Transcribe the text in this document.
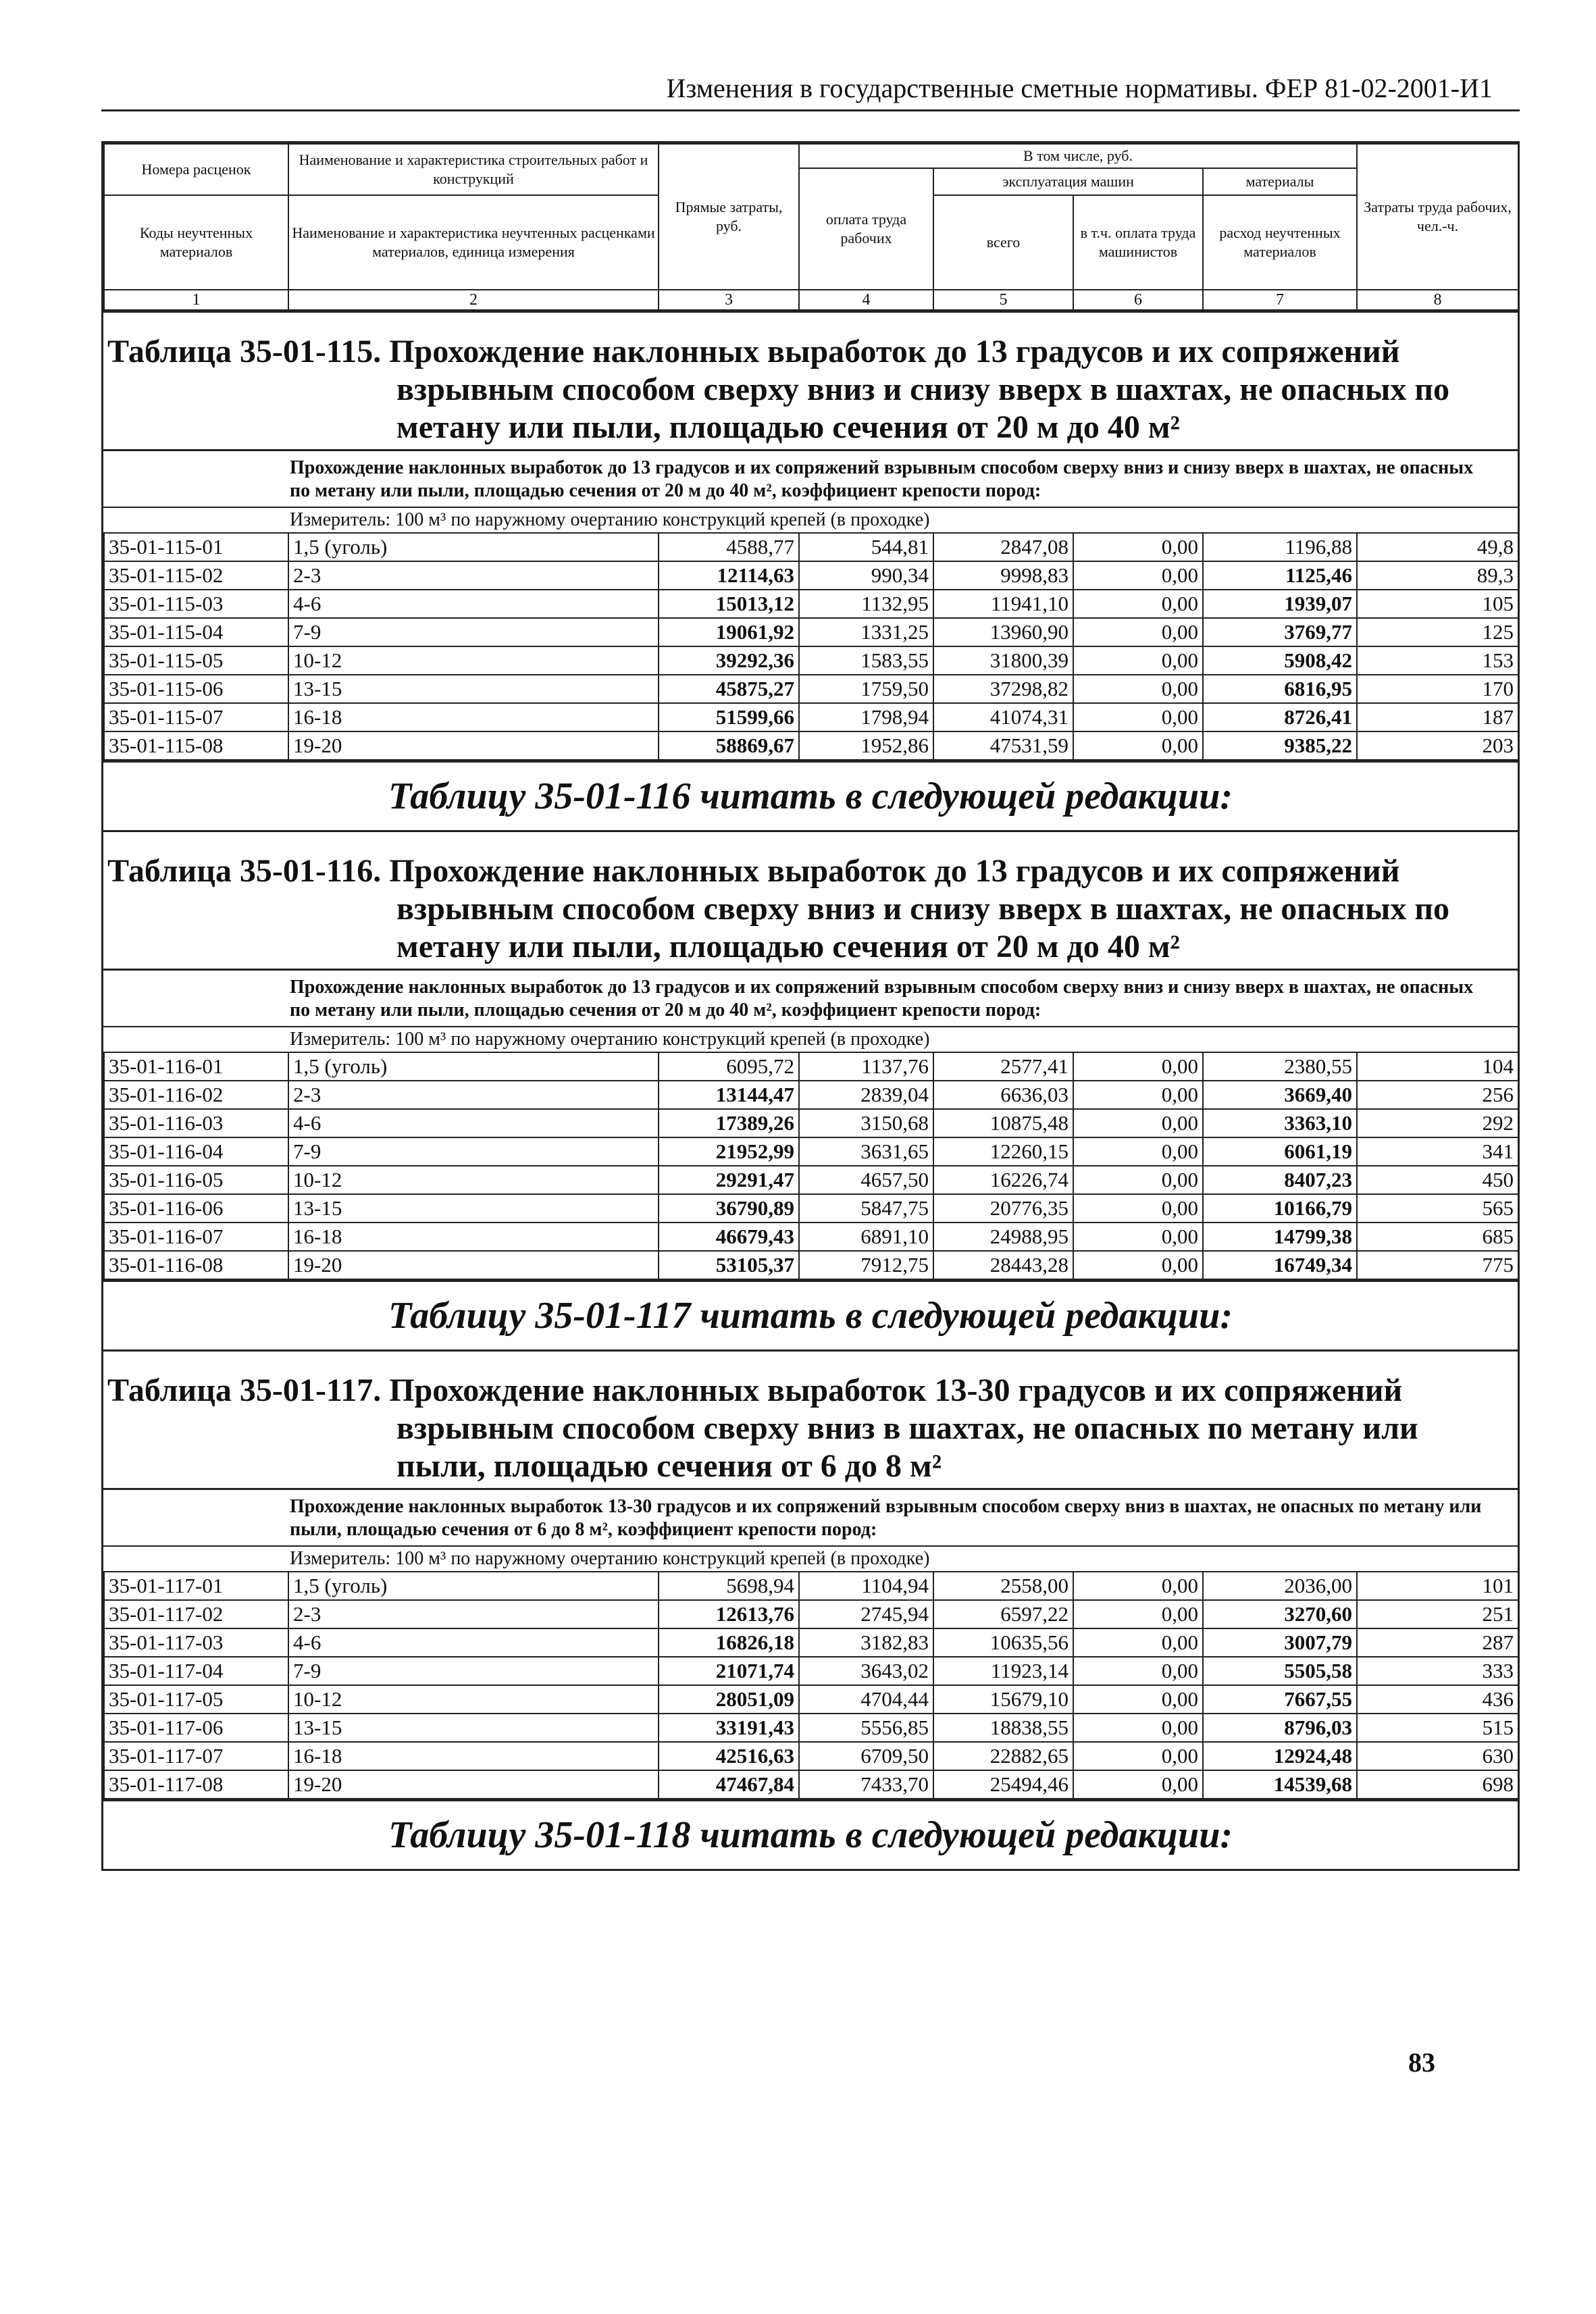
Изменения в государственные сметные нормативы. ФЕР 81-02-2001-И1
Номера расценок	Наименование и характеристика строительных работ и конструкций	Прямые затраты, руб.	В том числе, руб.				Затраты труда рабочих, чел.-ч.
			оплата труда рабочих	эксплуатация машин		материалы	
Коды неучтенных материалов	Наименование и характеристика неучтенных расценками материалов, единица измерения			всего	в т.ч. оплата труда машинистов	расход неучтенных материалов	

1	2	3	4	5	6	7	8
Таблица 35-01-115. Прохождение наклонных выработок до 13 градусов и их сопряжений
взрывным способом сверху вниз и снизу вверх в шахтах, не опасных по
метану или пыли, площадью сечения от 20 м до 40 м²
Прохождение наклонных выработок до 13 градусов и их сопряжений взрывным способом сверху вниз и снизу вверх в шахтах, не опасных по метану или пыли, площадью сечения от 20 м до 40 м², коэффициент крепости пород:
Измеритель: 100 м³ по наружному очертанию конструкций крепей (в проходке)
35-01-115-01	1,5 (уголь)	4588,77	544,81	2847,08	0,00	1196,88	49,8
35-01-115-02	2-3	12114,63	990,34	9998,83	0,00	1125,46	89,3
35-01-115-03	4-6	15013,12	1132,95	11941,10	0,00	1939,07	105
35-01-115-04	7-9	19061,92	1331,25	13960,90	0,00	3769,77	125
35-01-115-05	10-12	39292,36	1583,55	31800,39	0,00	5908,42	153
35-01-115-06	13-15	45875,27	1759,50	37298,82	0,00	6816,95	170
35-01-115-07	16-18	51599,66	1798,94	41074,31	0,00	8726,41	187
35-01-115-08	19-20	58869,67	1952,86	47531,59	0,00	9385,22	203
Таблицу 35-01-116 читать в следующей редакции:
Таблица 35-01-116. Прохождение наклонных выработок до 13 градусов и их сопряжений
взрывным способом сверху вниз и снизу вверх в шахтах, не опасных по
метану или пыли, площадью сечения от 20 м до 40 м²
Прохождение наклонных выработок до 13 градусов и их сопряжений взрывным способом сверху вниз и снизу вверх в шахтах, не опасных по метану или пыли, площадью сечения от 20 м до 40 м², коэффициент крепости пород:
Измеритель: 100 м³ по наружному очертанию конструкций крепей (в проходке)
35-01-116-01	1,5 (уголь)	6095,72	1137,76	2577,41	0,00	2380,55	104
35-01-116-02	2-3	13144,47	2839,04	6636,03	0,00	3669,40	256
35-01-116-03	4-6	17389,26	3150,68	10875,48	0,00	3363,10	292
35-01-116-04	7-9	21952,99	3631,65	12260,15	0,00	6061,19	341
35-01-116-05	10-12	29291,47	4657,50	16226,74	0,00	8407,23	450
35-01-116-06	13-15	36790,89	5847,75	20776,35	0,00	10166,79	565
35-01-116-07	16-18	46679,43	6891,10	24988,95	0,00	14799,38	685
35-01-116-08	19-20	53105,37	7912,75	28443,28	0,00	16749,34	775
Таблицу 35-01-117 читать в следующей редакции:
Таблица 35-01-117. Прохождение наклонных выработок 13-30 градусов и их сопряжений
взрывным способом сверху вниз в шахтах, не опасных по метану или
пыли, площадью сечения от 6 до 8 м²
Прохождение наклонных выработок 13-30 градусов и их сопряжений взрывным способом сверху вниз в шахтах, не опасных по метану или пыли, площадью сечения от 6 до 8 м², коэффициент крепости пород:
Измеритель: 100 м³ по наружному очертанию конструкций крепей (в проходке)
35-01-117-01	1,5 (уголь)	5698,94	1104,94	2558,00	0,00	2036,00	101
35-01-117-02	2-3	12613,76	2745,94	6597,22	0,00	3270,60	251
35-01-117-03	4-6	16826,18	3182,83	10635,56	0,00	3007,79	287
35-01-117-04	7-9	21071,74	3643,02	11923,14	0,00	5505,58	333
35-01-117-05	10-12	28051,09	4704,44	15679,10	0,00	7667,55	436
35-01-117-06	13-15	33191,43	5556,85	18838,55	0,00	8796,03	515
35-01-117-07	16-18	42516,63	6709,50	22882,65	0,00	12924,48	630
35-01-117-08	19-20	47467,84	7433,70	25494,46	0,00	14539,68	698
Таблицу 35-01-118 читать в следующей редакции:
83
